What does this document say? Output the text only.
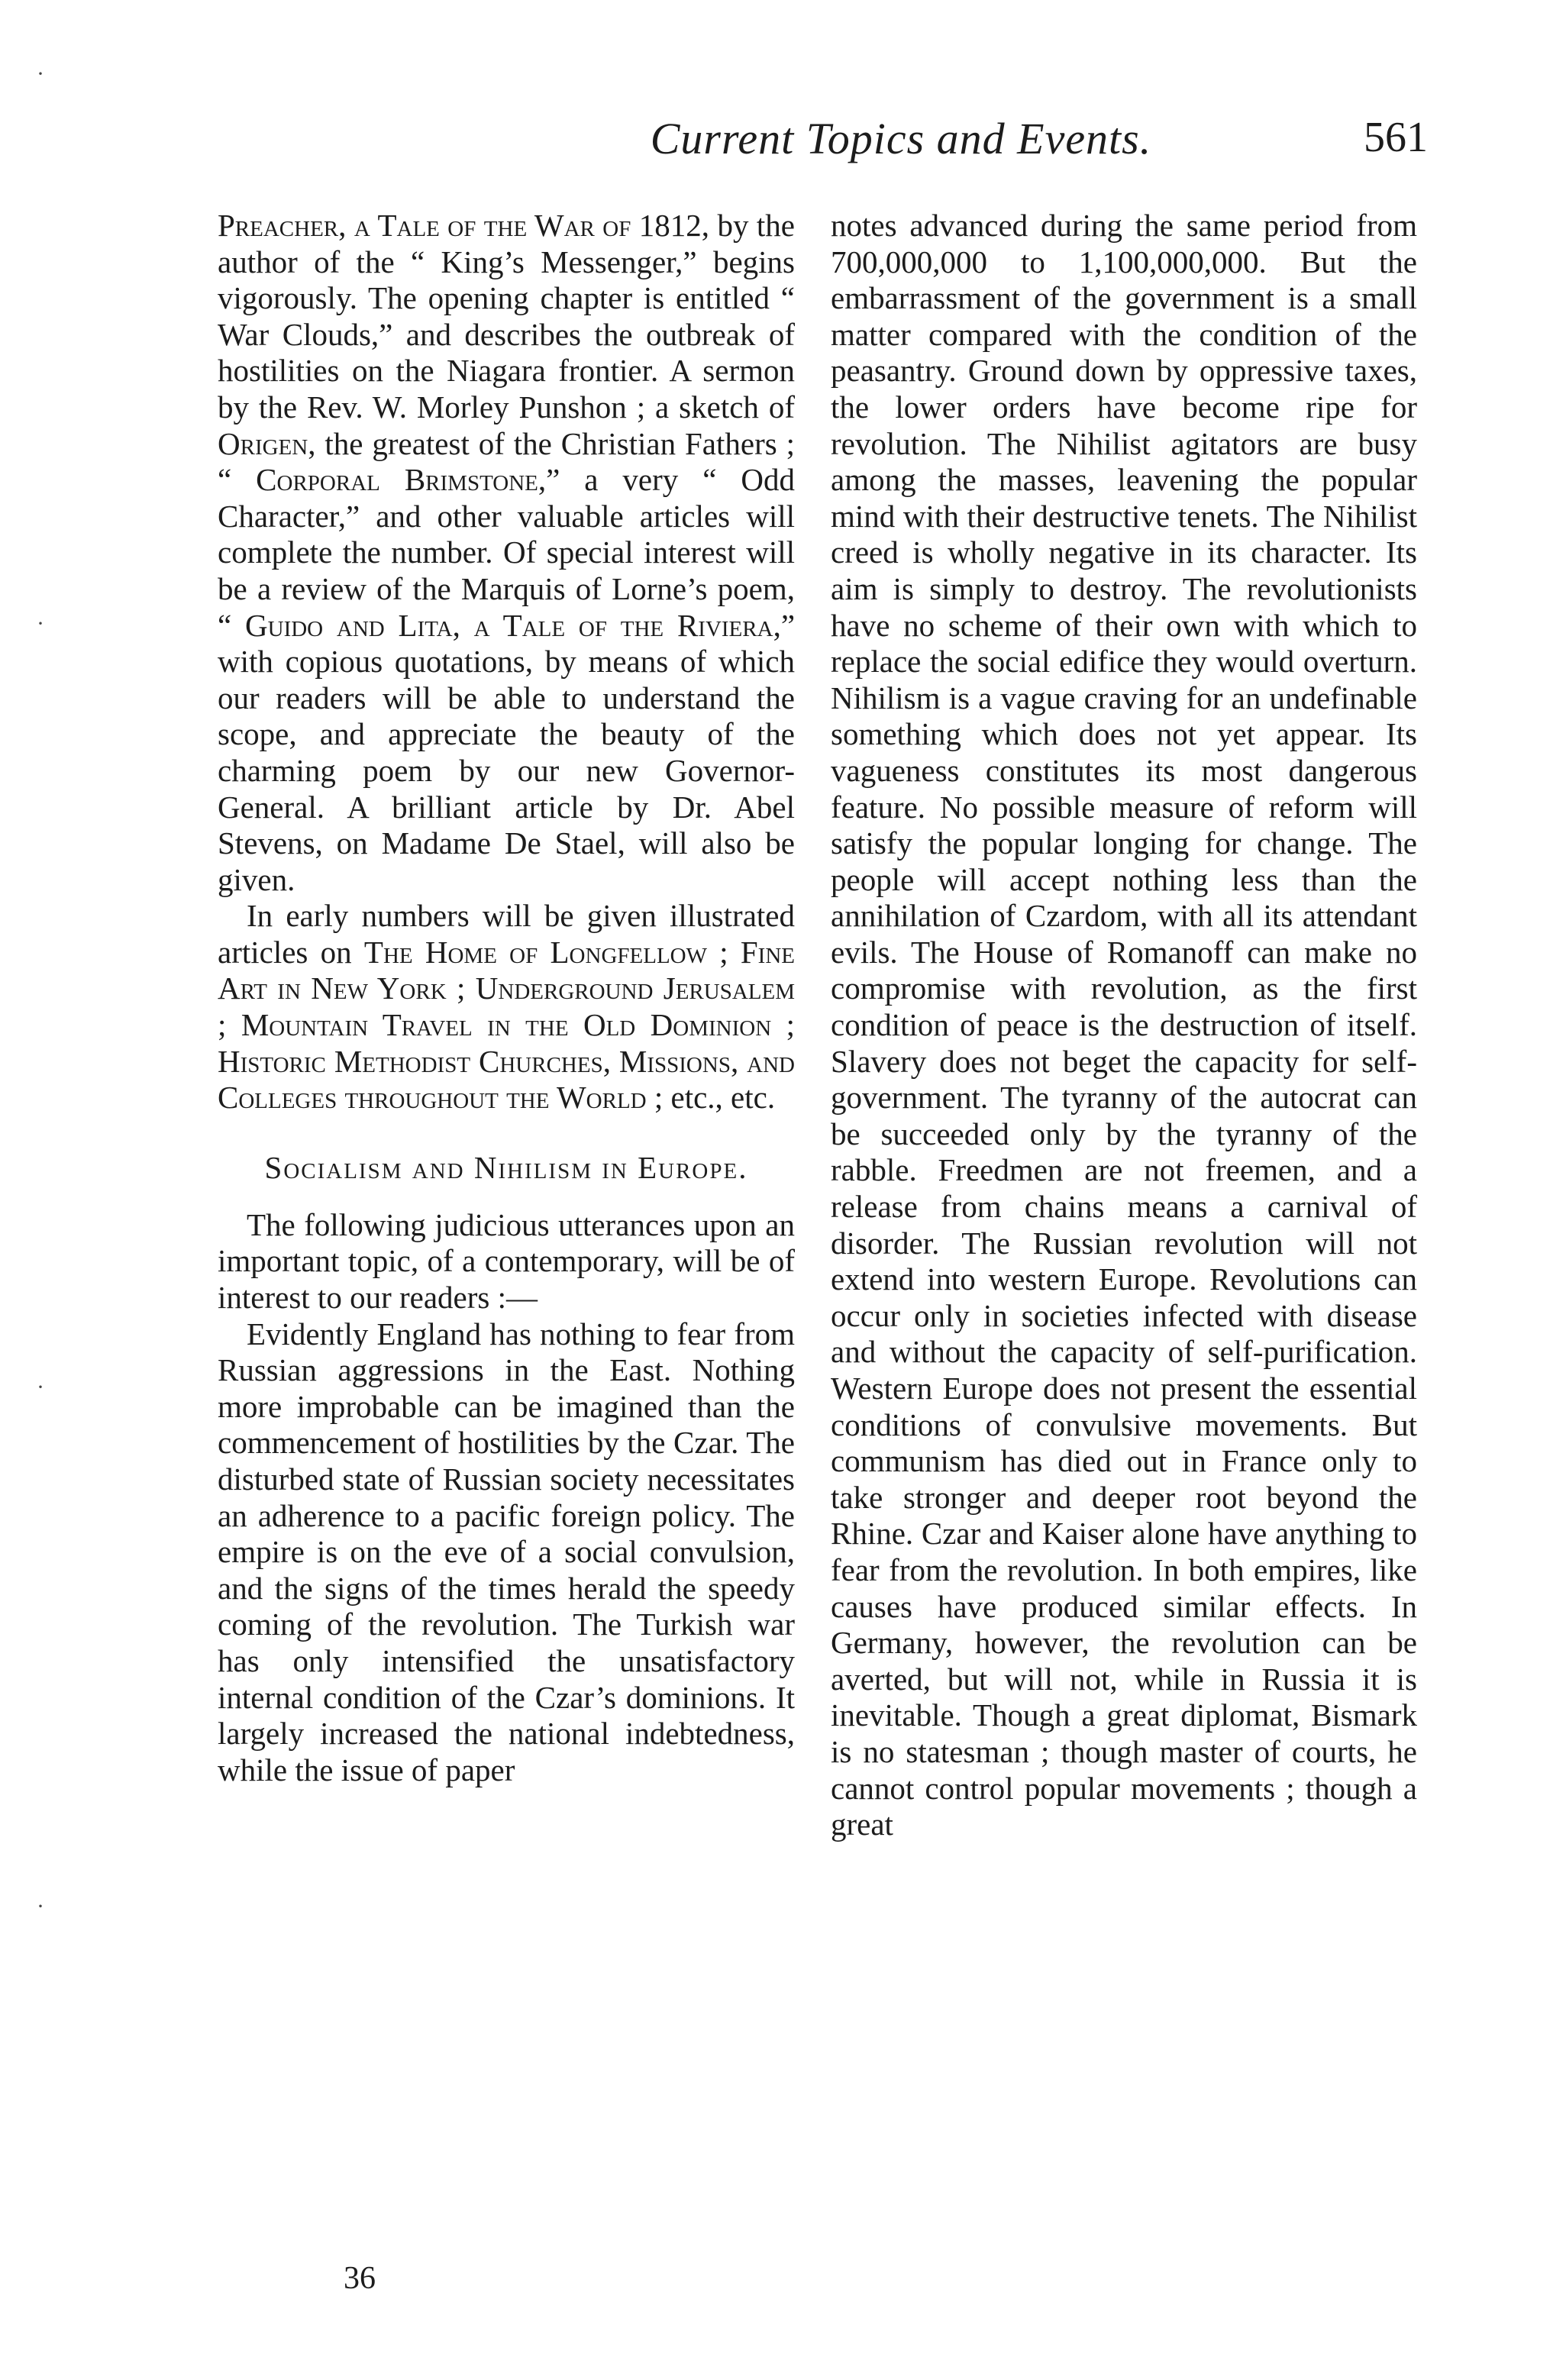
Current Topics and Events.	561

Preacher, a Tale of the War of 1812, by the author of the “ King’s Messenger,” begins vigorously. The opening chapter is entitled “ War Clouds,” and describes the outbreak of hostilities on the Niagara frontier. A sermon by the Rev. W. Morley Punshon ; a sketch of Origen, the greatest of the Christian Fathers ; “ Corporal Brimstone,” a very “ Odd Character,” and other valuable articles will complete the number. Of special interest will be a review of the Marquis of Lorne’s poem, “ Guido and Lita, a Tale of the Riviera,” with copious quotations, by means of which our readers will be able to understand the scope, and appreciate the beauty of the charming poem by our new Governor-General. A brilliant article by Dr. Abel Stevens, on Madame De Stael, will also be given.

In early numbers will be given illustrated articles on The Home of Longfellow ; Fine Art in New York ; Underground Jerusalem ; Mountain Travel in the Old Dominion ; Historic Methodist Churches, Missions, and Colleges throughout the World ; etc., etc.

Socialism and Nihilism in Europe.

The following judicious utterances upon an important topic, of a contemporary, will be of interest to our readers :—

Evidently England has nothing to fear from Russian aggressions in the East. Nothing more improbable can be imagined than the commencement of hostilities by the Czar. The disturbed state of Russian society necessitates an adherence to a pacific foreign policy. The empire is on the eve of a social convulsion, and the signs of the times herald the speedy coming of the revolution. The Turkish war has only intensified the unsatisfactory internal condition of the Czar’s dominions. It largely increased the national indebtedness, while the issue of paper

notes advanced during the same period from 700,000,000 to 1,100,000,000. But the embarrassment of the government is a small matter compared with the condition of the peasantry. Ground down by oppressive taxes, the lower orders have become ripe for revolution. The Nihilist agitators are busy among the masses, leavening the popular mind with their destructive tenets. The Nihilist creed is wholly negative in its character. Its aim is simply to destroy. The revolutionists have no scheme of their own with which to replace the social edifice they would overturn. Nihilism is a vague craving for an undefinable something which does not yet appear. Its vagueness constitutes its most dangerous feature. No possible measure of reform will satisfy the popular longing for change. The people will accept nothing less than the annihilation of Czardom, with all its attendant evils. The House of Romanoff can make no compromise with revolution, as the first condition of peace is the destruction of itself. Slavery does not beget the capacity for self-government. The tyranny of the autocrat can be succeeded only by the tyranny of the rabble. Freedmen are not freemen, and a release from chains means a carnival of disorder. The Russian revolution will not extend into western Europe. Revolutions can occur only in societies infected with disease and without the capacity of self-purification. Western Europe does not present the essential conditions of convulsive movements. But communism has died out in France only to take stronger and deeper root beyond the Rhine. Czar and Kaiser alone have anything to fear from the revolution. In both empires, like causes have produced similar effects. In Germany, however, the revolution can be averted, but will not, while in Russia it is inevitable. Though a great diplomat, Bismark is no statesman ; though master of courts, he cannot control popular movements ; though a great

36
·
·
·
·
